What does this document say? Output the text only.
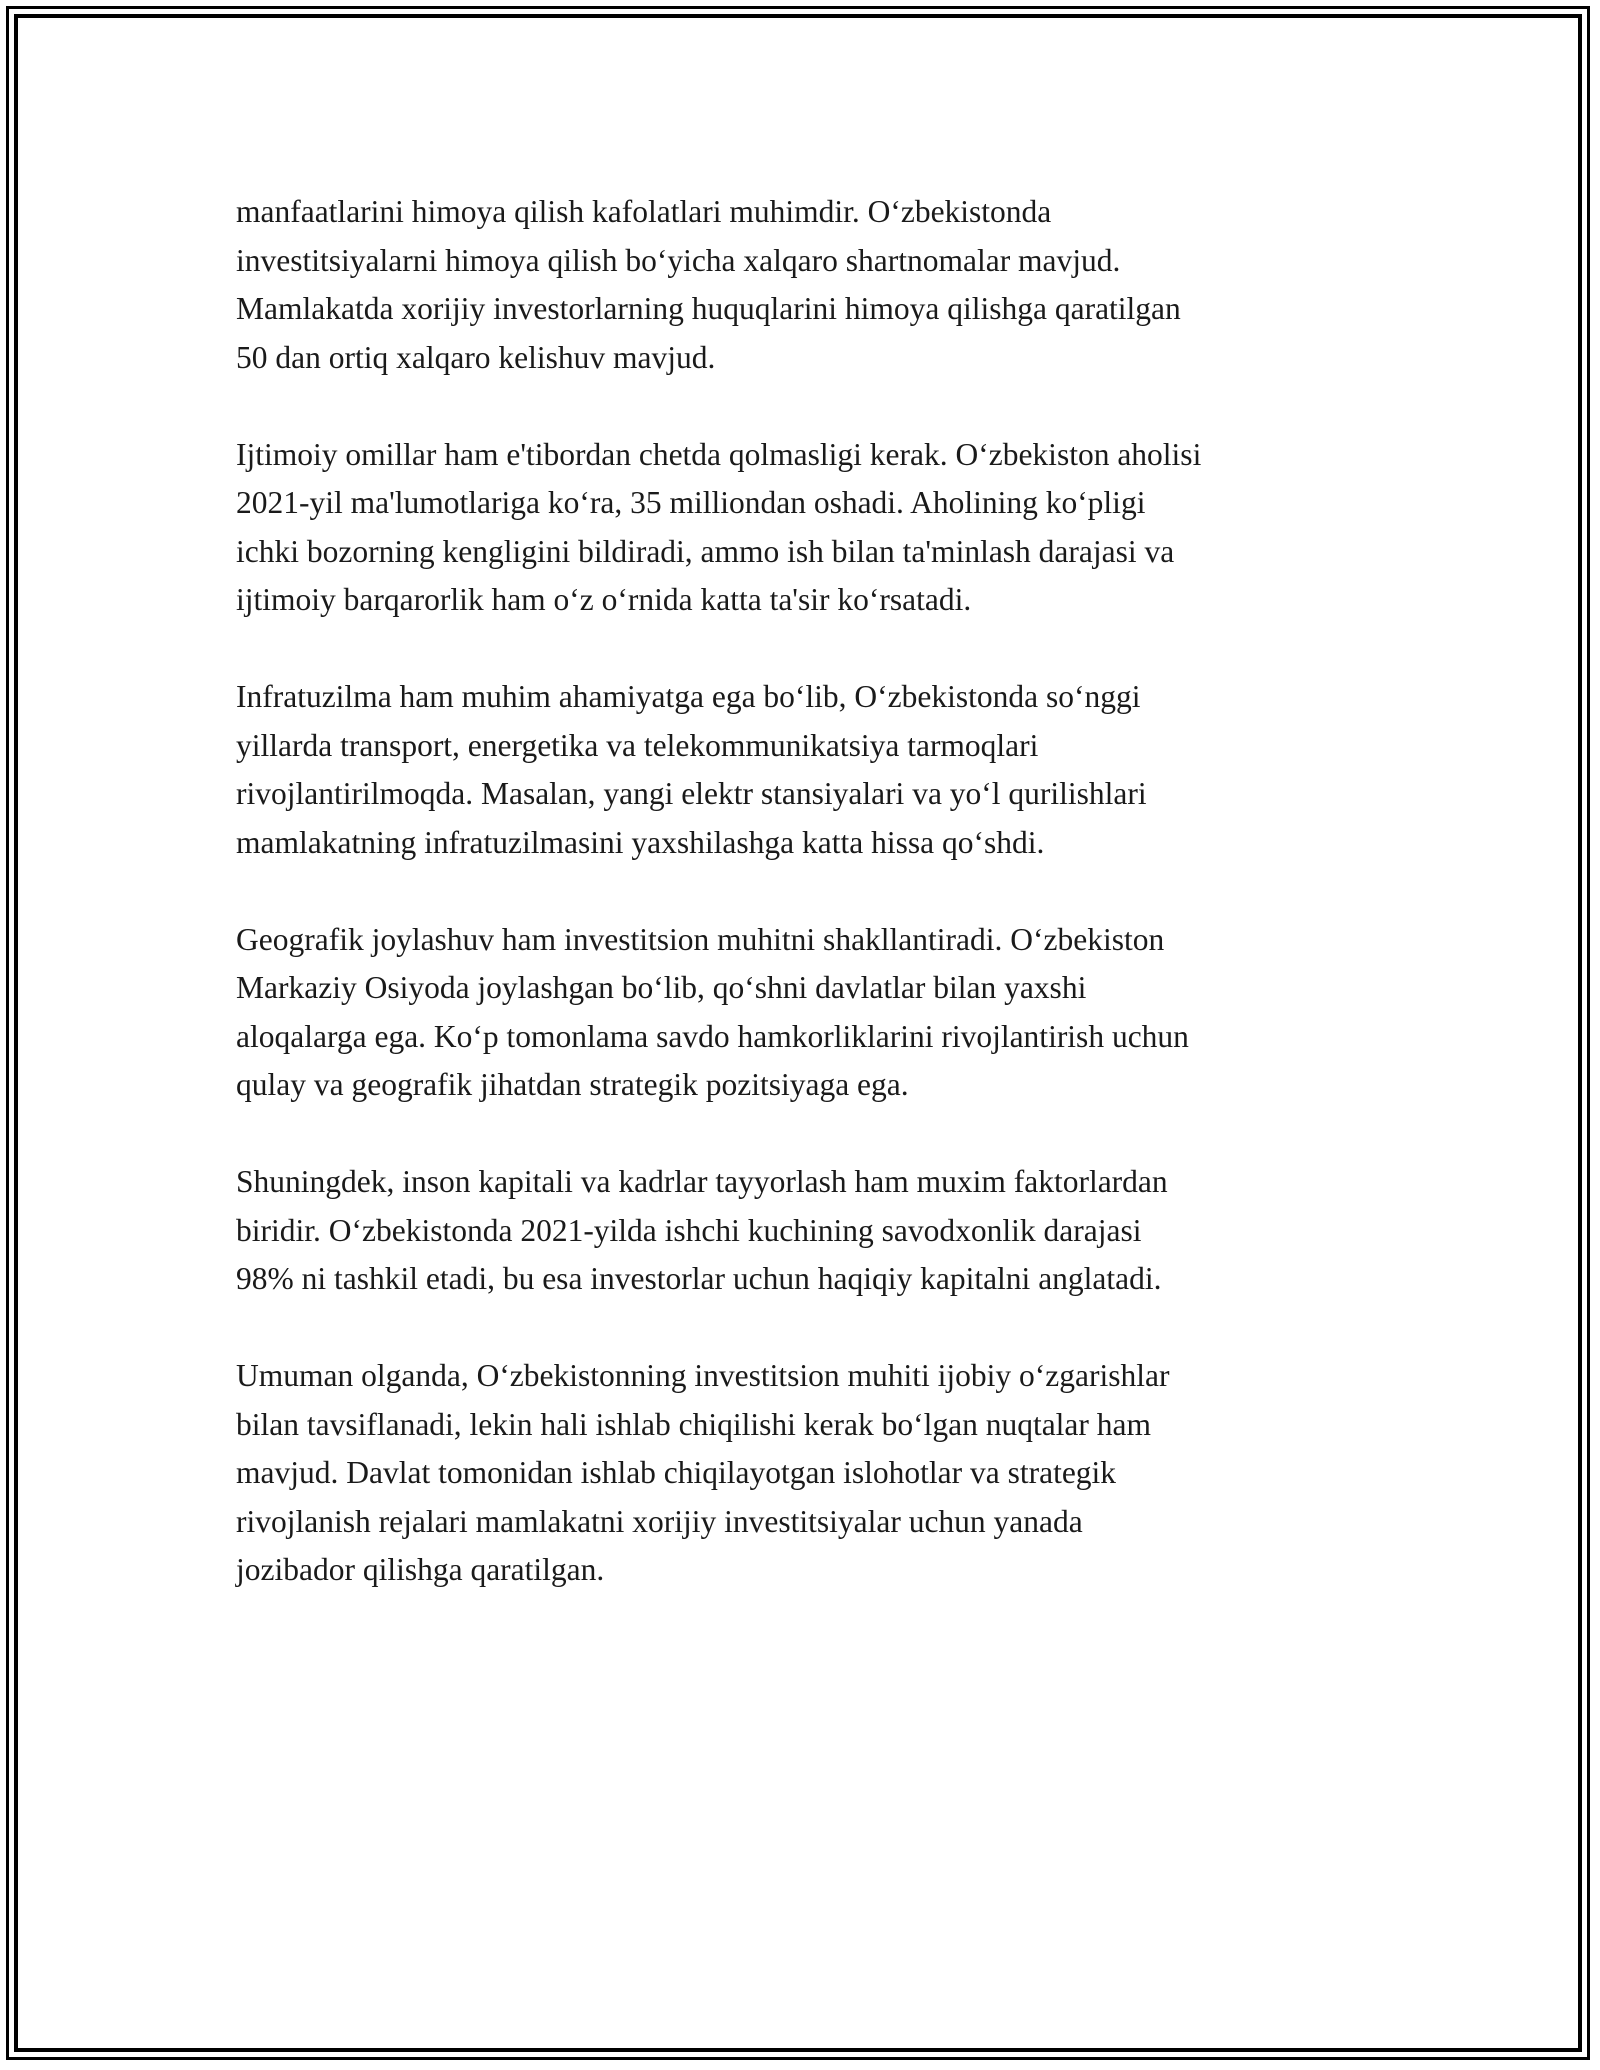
manfaatlarini himoya qilish kafolatlari muhimdir. O‘zbekistonda
investitsiyalarni himoya qilish bo‘yicha xalqaro shartnomalar mavjud.
Mamlakatda xorijiy investorlarning huquqlarini himoya qilishga qaratilgan
50 dan ortiq xalqaro kelishuv mavjud.

Ijtimoiy omillar ham e'tibordan chetda qolmasligi kerak. O‘zbekiston aholisi
2021-yil ma'lumotlariga ko‘ra, 35 milliondan oshadi. Aholining ko‘pligi
ichki bozorning kengligini bildiradi, ammo ish bilan ta'minlash darajasi va
ijtimoiy barqarorlik ham o‘z o‘rnida katta ta'sir ko‘rsatadi.

Infratuzilma ham muhim ahamiyatga ega bo‘lib, O‘zbekistonda so‘nggi
yillarda transport, energetika va telekommunikatsiya tarmoqlari
rivojlantirilmoqda. Masalan, yangi elektr stansiyalari va yo‘l qurilishlari
mamlakatning infratuzilmasini yaxshilashga katta hissa qo‘shdi.

Geografik joylashuv ham investitsion muhitni shakllantiradi. O‘zbekiston
Markaziy Osiyoda joylashgan bo‘lib, qo‘shni davlatlar bilan yaxshi
aloqalarga ega. Ko‘p tomonlama savdo hamkorliklarini rivojlantirish uchun
qulay va geografik jihatdan strategik pozitsiyaga ega.

Shuningdek, inson kapitali va kadrlar tayyorlash ham muxim faktorlardan
biridir. O‘zbekistonda 2021-yilda ishchi kuchining savodxonlik darajasi
98% ni tashkil etadi, bu esa investorlar uchun haqiqiy kapitalni anglatadi.

Umuman olganda, O‘zbekistonning investitsion muhiti ijobiy o‘zgarishlar
bilan tavsiflanadi, lekin hali ishlab chiqilishi kerak bo‘lgan nuqtalar ham
mavjud. Davlat tomonidan ishlab chiqilayotgan islohotlar va strategik
rivojlanish rejalari mamlakatni xorijiy investitsiyalar uchun yanada
jozibador qilishga qaratilgan.
